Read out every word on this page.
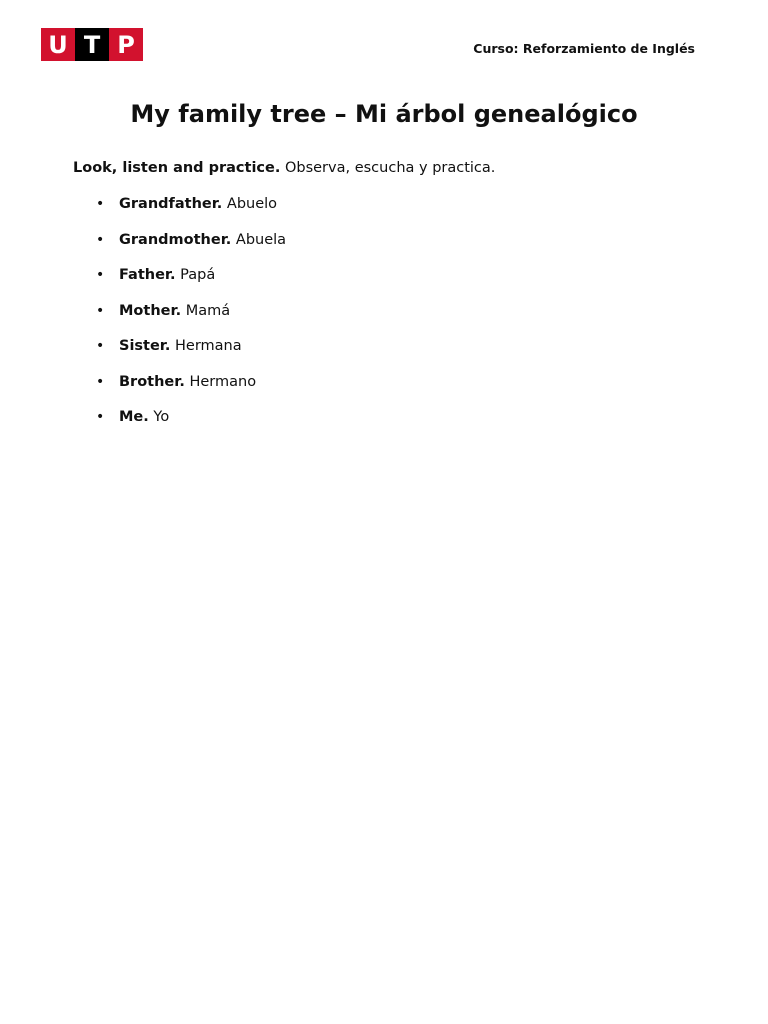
U T P	Curso: Reforzamiento de Inglés
My family tree – Mi árbol genealógico

Look, listen and practice. Observa, escucha y practica.

• Grandfather. Abuelo
• Grandmother. Abuela
• Father. Papá
• Mother. Mamá
• Sister. Hermana
• Brother. Hermano
• Me. Yo
